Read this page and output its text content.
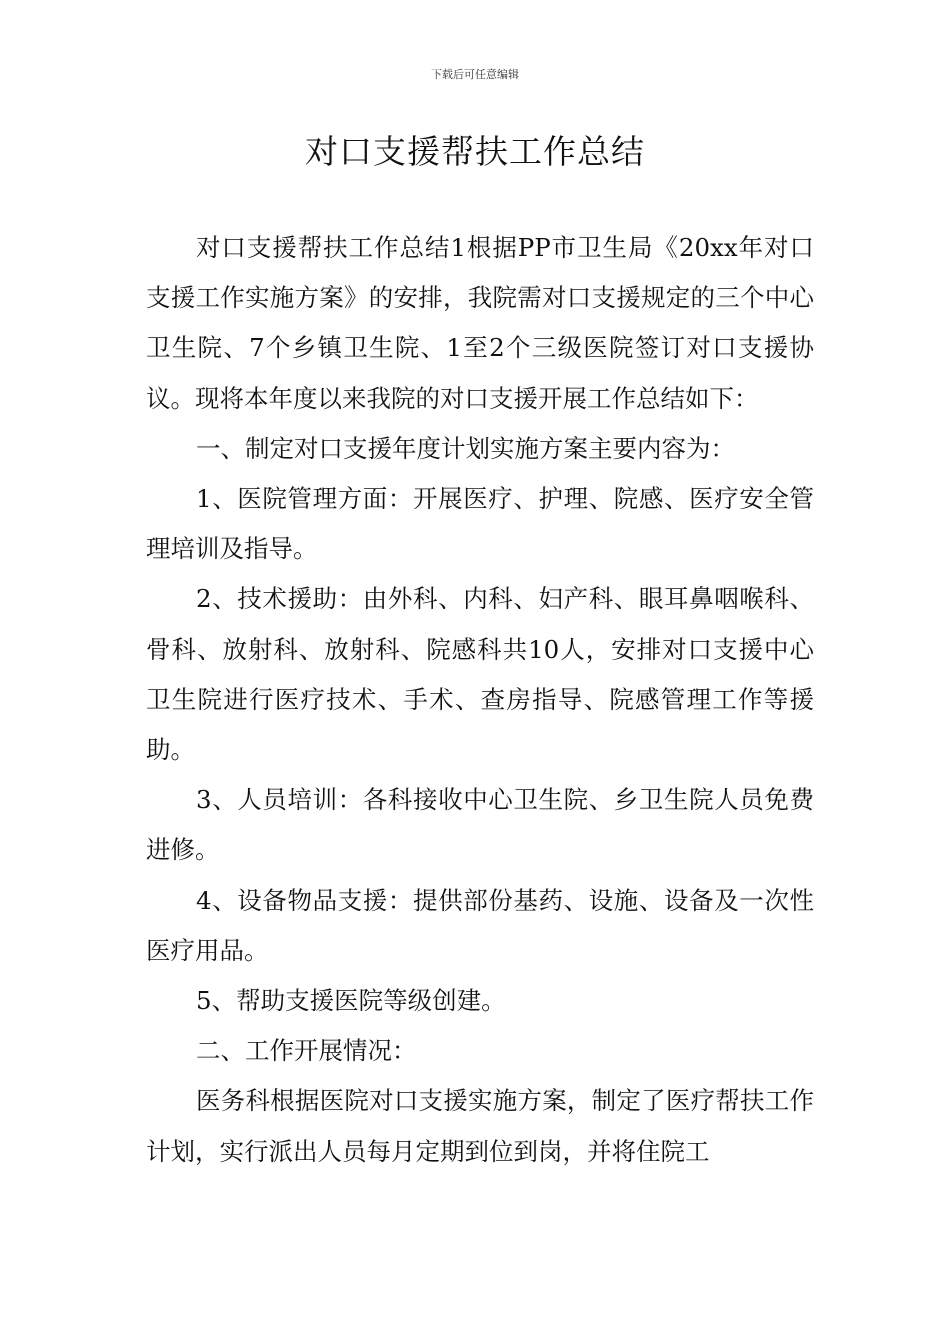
下载后可任意编辑
对口支援帮扶工作总结

对口支援帮扶工作总结1根据PP市卫生局《20xx年对口支援工作实施方案》的安排，我院需对口支援规定的三个中心卫生院、7个乡镇卫生院、1至2个三级医院签订对口支援协议。现将本年度以来我院的对口支援开展工作总结如下：

一、制定对口支援年度计划实施方案主要内容为：

1、医院管理方面：开展医疗、护理、院感、医疗安全管理培训及指导。

2、技术援助：由外科、内科、妇产科、眼耳鼻咽喉科、骨科、放射科、放射科、院感科共10人，安排对口支援中心卫生院进行医疗技术、手术、查房指导、院感管理工作等援助。

3、人员培训：各科接收中心卫生院、乡卫生院人员免费进修。

4、设备物品支援：提供部份基药、设施、设备及一次性医疗用品。

5、帮助支援医院等级创建。

二、工作开展情况：

医务科根据医院对口支援实施方案，制定了医疗帮扶工作计划，实行派出人员每月定期到位到岗，并将住院工
